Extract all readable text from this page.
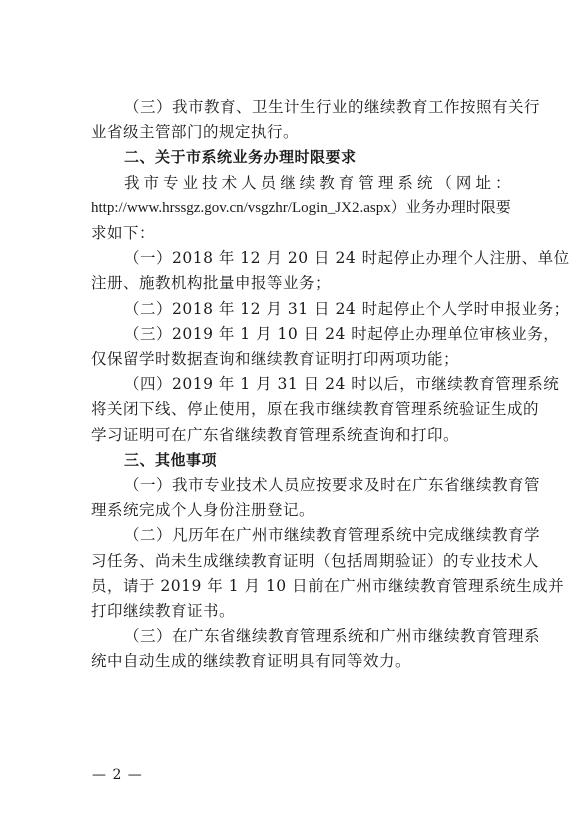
（三）我市教育、卫生计生行业的继续教育工作按照有关行
业省级主管部门的规定执行。
二、关于市系统业务办理时限要求
我市专业技术人员继续教育管理系统（网址：
http://www.hrssgz.gov.cn/vsgzhr/Login_JX2.aspx）业务办理时限要
求如下：
（一）2018 年 12 月 20 日 24 时起停止办理个人注册、单位
注册、施教机构批量申报等业务；
（二）2018 年 12 月 31 日 24 时起停止个人学时申报业务；
（三）2019 年 1 月 10 日 24 时起停止办理单位审核业务，
仅保留学时数据查询和继续教育证明打印两项功能；
（四）2019 年 1 月 31 日 24 时以后，市继续教育管理系统
将关闭下线、停止使用，原在我市继续教育管理系统验证生成的
学习证明可在广东省继续教育管理系统查询和打印。
三、其他事项
（一）我市专业技术人员应按要求及时在广东省继续教育管
理系统完成个人身份注册登记。
（二）凡历年在广州市继续教育管理系统中完成继续教育学
习任务、尚未生成继续教育证明（包括周期验证）的专业技术人
员，请于 2019 年 1 月 10 日前在广州市继续教育管理系统生成并
打印继续教育证书。
（三）在广东省继续教育管理系统和广州市继续教育管理系
统中自动生成的继续教育证明具有同等效力。
— 2 —
